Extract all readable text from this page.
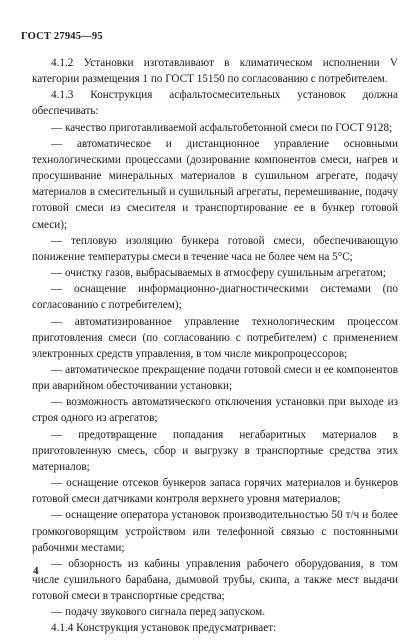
ГОСТ 27945—95

4.1.2 Установки изготавливают в климатическом исполнении V категории размещения 1 по ГОСТ 15150 по согласованию с потребителем.

4.1.3 Конструкция асфальтосмесительных установок должна обеспечивать:

— качество приготавливаемой асфальтобетонной смеси по ГОСТ 9128;

— автоматическое и дистанционное управление основными технологическими процессами (дозирование компонентов смеси, нагрев и просушивание минеральных материалов в сушильном агрегате, подачу материалов в смесительный и сушильный агрегаты, перемешивание, подачу готовой смеси из смесителя и транспортирование ее в бункер готовой смеси);

— тепловую изоляцию бункера готовой смеси, обеспечивающую понижение температуры смеси в течение часа не более чем на 5°C;

— очистку газов, выбрасываемых в атмосферу сушильным агрегатом;

— оснащение информационно-диагностическими системами (по согласованию с потребителем);

— автоматизированное управление технологическим процессом приготовления смеси (по согласованию с потребителем) с применением электронных средств управления, в том числе микропроцессоров;

— автоматическое прекращение подачи готовой смеси и ее компонентов при аварийном обесточивании установки;

— возможность автоматического отключения установки при выходе из строя одного из агрегатов;

— предотвращение попадания негабаритных материалов в приготовленную смесь, сбор и выгрузку в транспортные средства этих материалов;

— оснащение отсеков бункеров запаса горячих материалов и бункеров готовой смеси датчиками контроля верхнего уровня материалов;

— оснащение оператора установок производительностью 50 т/ч и более громкоговорящим устройством или телефонной связью с постоянными рабочими местами;

— обзорность из кабины управления рабочего оборудования, в том числе сушильного барабана, дымовой трубы, скипа, а также мест выдачи готовой смеси в транспортные средства;

— подачу звукового сигнала перед запуском.

4.1.4 Конструкция установок предусматривает:

4
